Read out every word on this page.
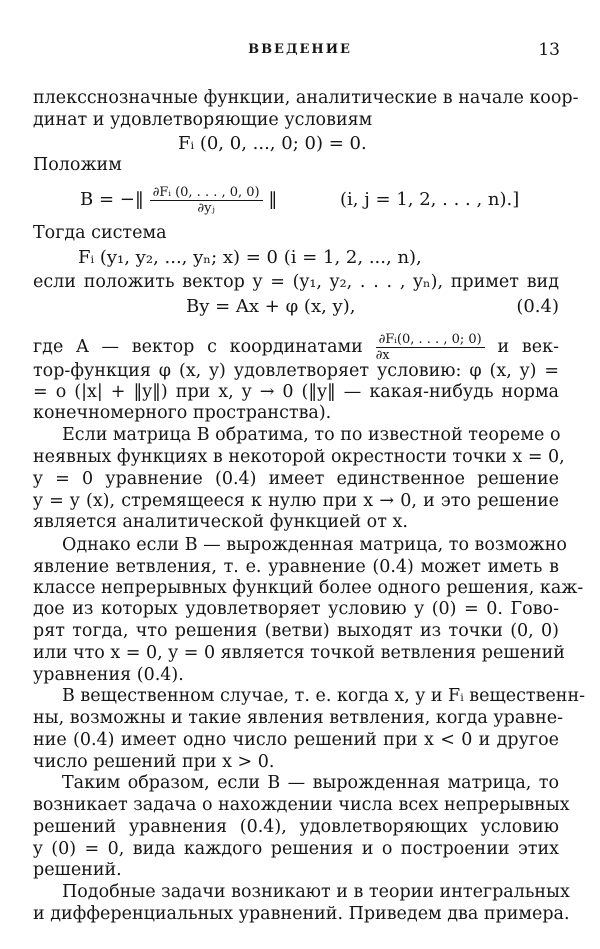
ВВЕДЕНИЕ	13
плексснозначные функции, аналитические в начале коор-
динат и удовлетворяющие условиям
Fᵢ (0, 0, ..., 0; 0) = 0.
Положим
B = −‖ $\frac{\text{∂Fᵢ (0, . . . , 0, 0)}}{\text{∂yⱼ}}$ ‖	(i, j = 1, 2, . . . , n).]
Тогда система
Fᵢ (y₁, y₂, ..., yₙ; x) = 0 (i = 1, 2, ..., n),
если положить вектор y = (y₁, y₂, . . . , yₙ), примет вид
By = Ax + φ (x, y),	(0.4)
где A — вектор с координатами $\frac{\text{∂Fᵢ(0, . . . , 0; 0)}}{\partial x}$ и век-
тор-функция φ (x, y) удовлетворяет условию: φ (x, y) =
= o (|x| + ‖y‖) при x, y → 0 (‖y‖ — какая-нибудь норма
конечномерного пространства).
Если матрица B обратима, то по известной теореме о
неявных функциях в некоторой окрестности точки x = 0,
y = 0 уравнение (0.4) имеет единственное решение
y = y (x), стремящееся к нулю при x → 0, и это решение
является аналитической функцией от x.
Однако если B — вырожденная матрица, то возможно
явление ветвления, т. е. уравнение (0.4) может иметь в
классе непрерывных функций более одного решения, каж-
дое из которых удовлетворяет условию y (0) = 0. Гово-
рят тогда, что решения (ветви) выходят из точки (0, 0)
или что x = 0, y = 0 является точкой ветвления решений
уравнения (0.4).
В вещественном случае, т. е. когда x, y и Fᵢ вещественн-
ны, возможны и такие явления ветвления, когда уравне-
ние (0.4) имеет одно число решений при x < 0 и другое
число решений при x > 0.
Таким образом, если B — вырожденная матрица, то
возникает задача о нахождении числа всех непрерывных
решений уравнения (0.4), удовлетворяющих условию
y (0) = 0, вида каждого решения и о построении этих
решений.
Подобные задачи возникают и в теории интегральных
и дифференциальных уравнений. Приведем два примера.
